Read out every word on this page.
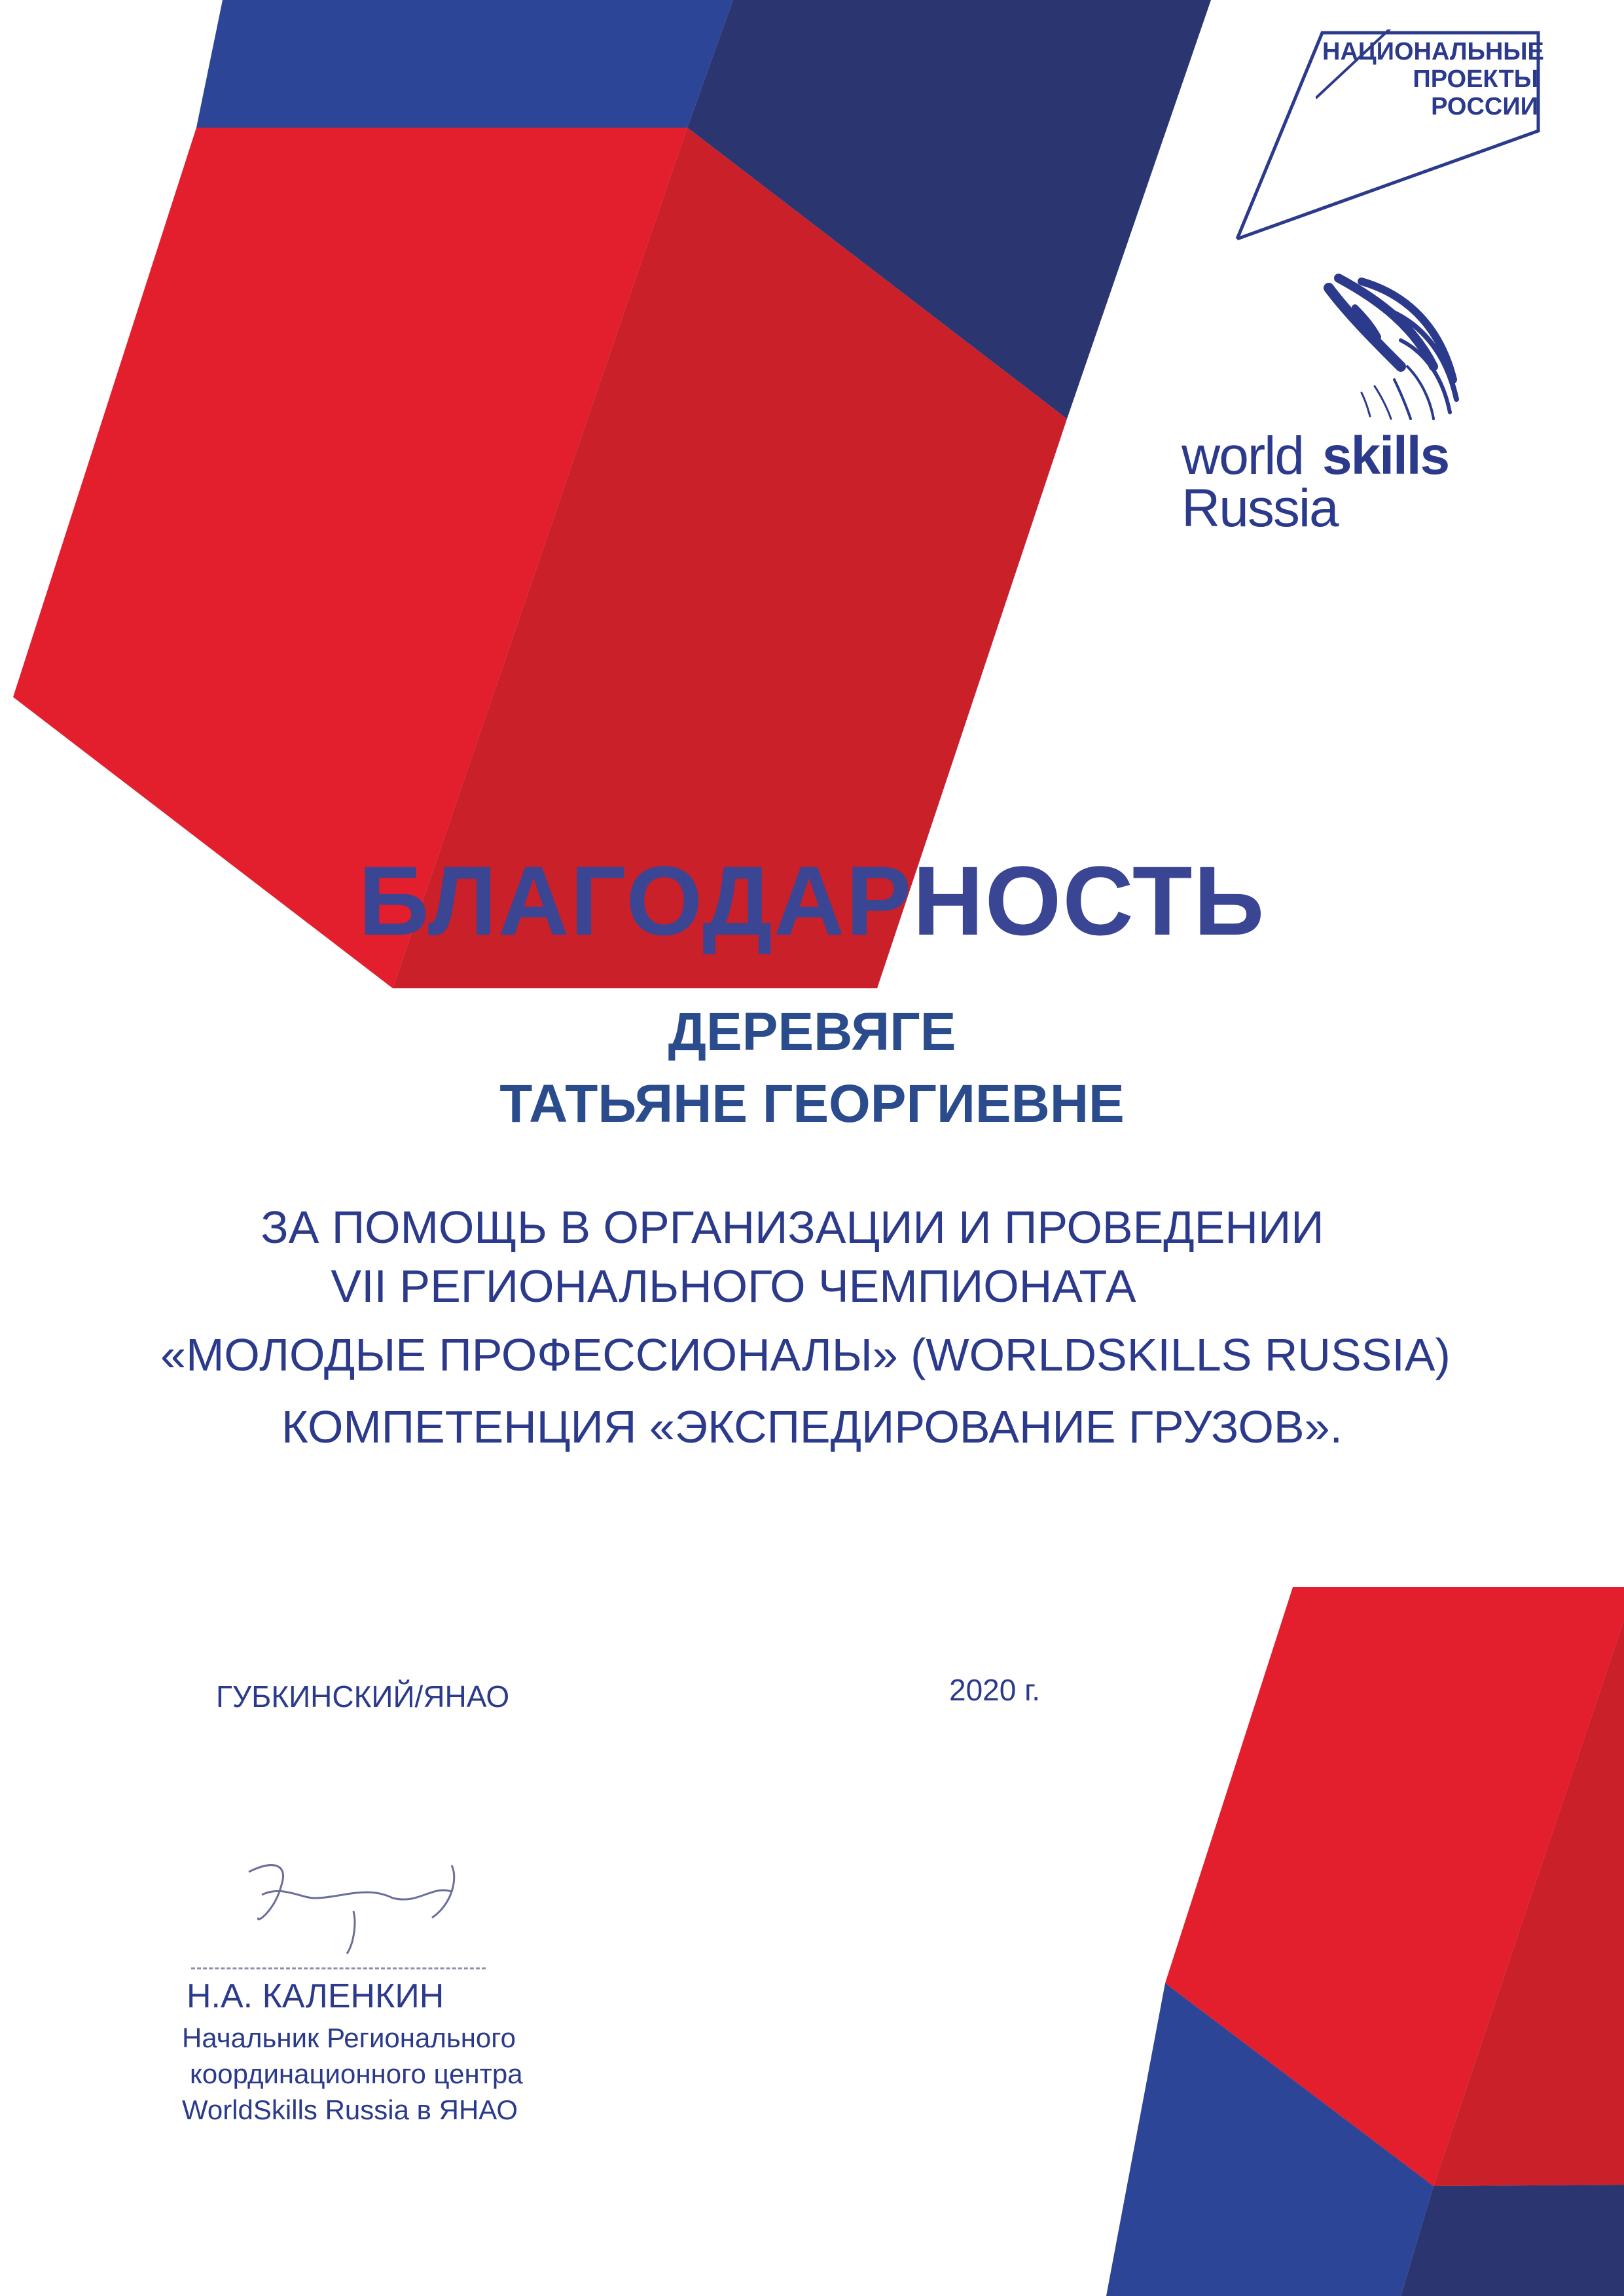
НАЦИОНАЛЬНЫЕ
ПРОЕКТЫ
РОССИИ
world skills
Russia
БЛАГОДАРНОСТЬ
ДЕРЕВЯГЕ
ТАТЬЯНЕ ГЕОРГИЕВНЕ
ЗА ПОМОЩЬ В ОРГАНИЗАЦИИ И ПРОВЕДЕНИИ
VII РЕГИОНАЛЬНОГО ЧЕМПИОНАТА
«МОЛОДЫЕ ПРОФЕССИОНАЛЫ» (WORLDSKILLS RUSSIA)
КОМПЕТЕНЦИЯ «ЭКСПЕДИРОВАНИЕ ГРУЗОВ».
ГУБКИНСКИЙ/ЯНАО	2020 г.
Н.А. КАЛЕНКИН
Начальник Регионального
координационного центра
WorldSkills Russia в ЯНАО
